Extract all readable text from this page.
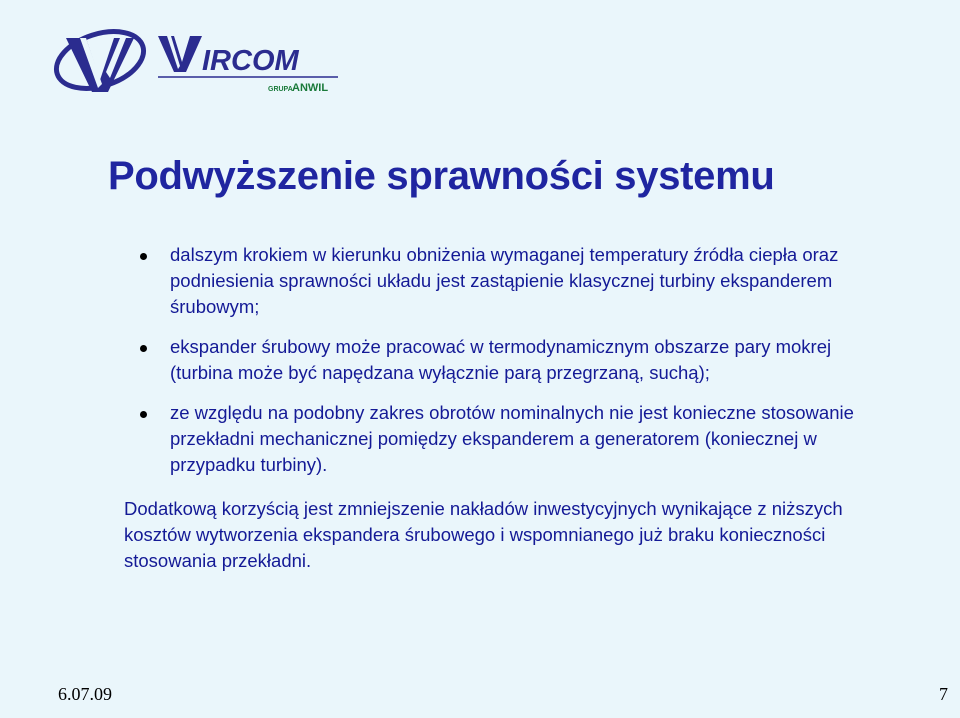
IRCOM
GRUPA ANWIL
Podwyższenie sprawności systemu
dalszym krokiem w kierunku obniżenia wymaganej temperatury źródła ciepła oraz podniesienia sprawności układu jest zastąpienie klasycznej turbiny ekspanderem śrubowym;
ekspander śrubowy może pracować w termodynamicznym obszarze pary mokrej (turbina może być napędzana wyłącznie parą przegrzaną, suchą);
ze względu na podobny zakres obrotów nominalnych nie jest konieczne stosowanie przekładni mechanicznej pomiędzy ekspanderem a generatorem (koniecznej w przypadku turbiny).

Dodatkową korzyścią jest zmniejszenie nakładów inwestycyjnych wynikające z niższych kosztów wytworzenia ekspandera śrubowego i wspomnianego już braku konieczności stosowania przekładni.

6.07.09	7
